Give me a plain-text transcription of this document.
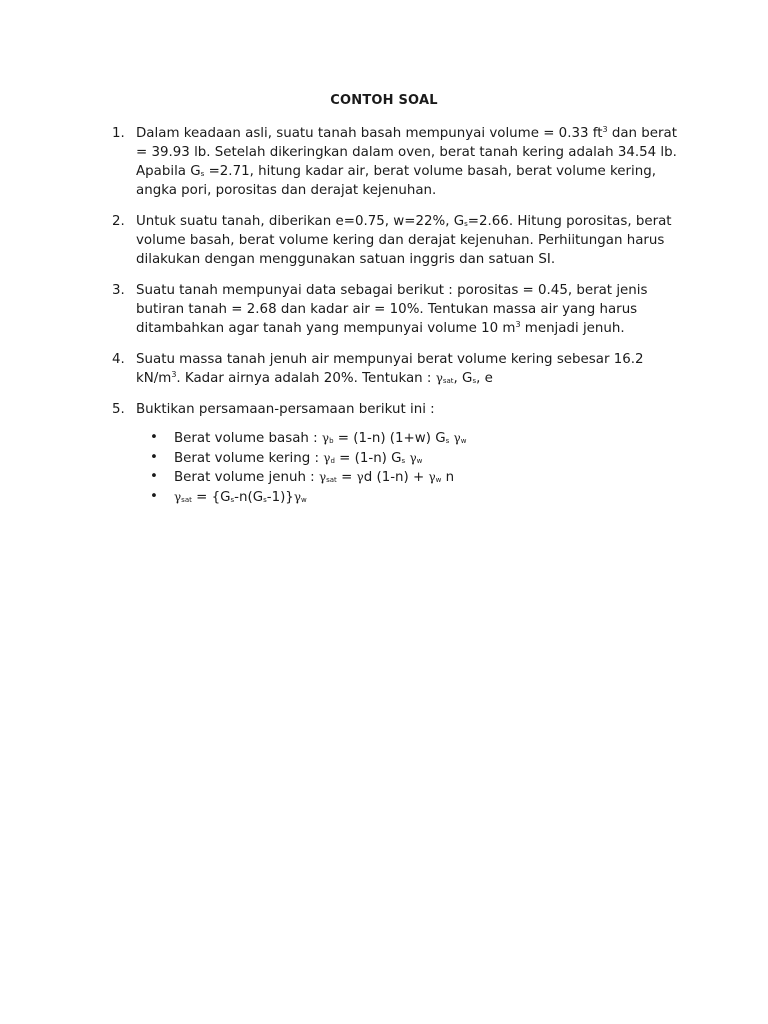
CONTOH SOAL
1. Dalam keadaan asli, suatu tanah basah mempunyai volume = 0.33 $ft^3$ dan berat = 39.93 lb. Setelah dikeringkan dalam oven, berat tanah kering adalah 34.54 lb. Apabila $G_s =2.71$, hitung kadar air, berat volume basah, berat volume kering, angka pori, porositas dan derajat kejenuhan.
2. Untuk suatu tanah, diberikan e=0.75, w=22%, $G_s=2.66$. Hitung porositas, berat volume basah, berat volume kering dan derajat kejenuhan. Perhiitungan harus dilakukan dengan menggunakan satuan inggris dan satuan SI.
3. Suatu tanah mempunyai data sebagai berikut : porositas = 0.45, berat jenis butiran tanah = 2.68 dan kadar air = 10%. Tentukan massa air yang harus ditambahkan agar tanah yang mempunyai volume 10 $m^3$ menjadi jenuh.
4. Suatu massa tanah jenuh air mempunyai berat volume kering sebesar 16.2 $kN/m^3$. Kadar airnya adalah 20%. Tentukan : $\gamma_{sat}$, $G_s$, e
5. Buktikan persamaan-persamaan berikut ini :
• Berat volume basah : $\gamma_b = (1-n)$ (1+w) $G_s$ $\gamma_w$
• Berat volume kering : $\gamma_d = (1-n)$ $G_s$ $\gamma_w$
• Berat volume jenuh : $\gamma_{sat} = \gamma d$ $(1-n) + \gamma_w$ n
• $\gamma_{sat} = \{G_s-n(G_s-1)\}\gamma_w$
